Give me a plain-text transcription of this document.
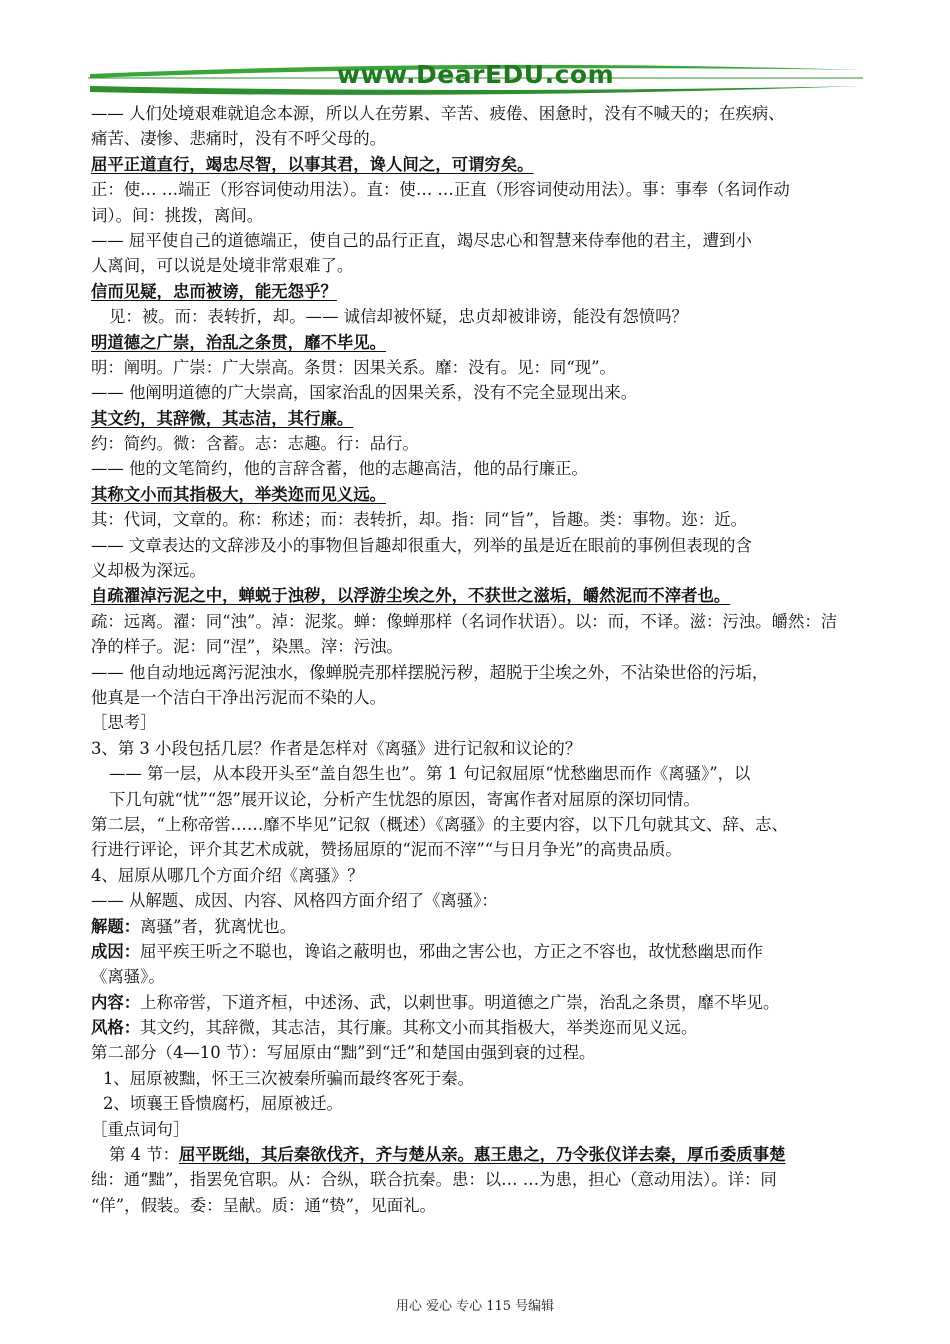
www.DearEDU.com
—— 人们处境艰难就追念本源，所以人在劳累、辛苦、疲倦、困惫时，没有不喊天的；在疾病、
痛苦、凄惨、悲痛时，没有不呼父母的。
屈平正道直行，竭忠尽智，以事其君，谗人间之，可谓穷矣。
正：使… …端正（形容词使动用法）。直：使… …正直（形容词使动用法）。事：事奉（名词作动
词）。间：挑拨，离间。
—— 屈平使自己的道德端正，使自己的品行正直，竭尽忠心和智慧来侍奉他的君主，遭到小
人离间，可以说是处境非常艰难了。
信而见疑，忠而被谤，能无怨乎？
见：被。而：表转折，却。—— 诚信却被怀疑，忠贞却被诽谤，能没有怨愤吗？
明道德之广崇，治乱之条贯，靡不毕见。
明：阐明。广崇：广大崇高。条贯：因果关系。靡：没有。见：同“现”。
—— 他阐明道德的广大崇高，国家治乱的因果关系，没有不完全显现出来。
其文约，其辞微，其志洁，其行廉。
约：简约。微：含蓄。志：志趣。行：品行。
—— 他的文笔简约，他的言辞含蓄，他的志趣高洁，他的品行廉正。
其称文小而其指极大，举类迩而见义远。
其：代词，文章的。称：称述；而：表转折，却。指：同“旨”，旨趣。类：事物。迩：近。
—— 文章表达的文辞涉及小的事物但旨趣却很重大，列举的虽是近在眼前的事例但表现的含
义却极为深远。
自疏濯淖污泥之中，蝉蜕于浊秽，以浮游尘埃之外，不获世之滋垢，皭然泥而不滓者也。
疏：远离。濯：同“浊”。淖：泥浆。蝉：像蝉那样（名词作状语）。以：而，不译。滋：污浊。皭然：洁
净的样子。泥：同“涅”，染黑。滓：污浊。
—— 他自动地远离污泥浊水，像蝉脱壳那样摆脱污秽，超脱于尘埃之外，不沾染世俗的污垢，
他真是一个洁白干净出污泥而不染的人。
［思考］
3、第 3 小段包括几层？作者是怎样对《离骚》进行记叙和议论的？
—— 第一层，从本段开头至“盖自怨生也”。第 1 句记叙屈原“忧愁幽思而作《离骚》”，以
下几句就“忧”“怨”展开议论，分析产生忧怨的原因，寄寓作者对屈原的深切同情。
第二层，“上称帝喾……靡不毕见”记叙（概述）《离骚》的主要内容，以下几句就其文、辞、志、
行进行评论，评介其艺术成就，赞扬屈原的“泥而不滓”“与日月争光”的高贵品质。
4、屈原从哪几个方面介绍《离骚》？
—— 从解题、成因、内容、风格四方面介绍了《离骚》：
解题：离骚”者，犹离忧也。
成因：屈平疾王听之不聪也，谗谄之蔽明也，邪曲之害公也，方正之不容也，故忧愁幽思而作
《离骚》。
内容：上称帝喾，下道齐桓，中述汤、武，以刺世事。明道德之广崇，治乱之条贯，靡不毕见。
风格：其文约，其辞微，其志洁，其行廉。其称文小而其指极大，举类迩而见义远。
第二部分（4—10 节）：写屈原由“黜”到“迁”和楚国由强到衰的过程。
1、屈原被黜，怀王三次被秦所骗而最终客死于秦。
2、顷襄王昏愦腐朽，屈原被迁。
［重点词句］
第 4 节：屈平既绌，其后秦欲伐齐，齐与楚从亲。惠王患之，乃令张仪详去秦，厚币委质事楚
绌：通“黜”，指罢免官职。从：合纵，联合抗秦。患：以… …为患，担心（意动用法）。详：同
“佯”，假装。委：呈献。质：通“贽”，见面礼。
用心 爱心 专心 115 号编辑
